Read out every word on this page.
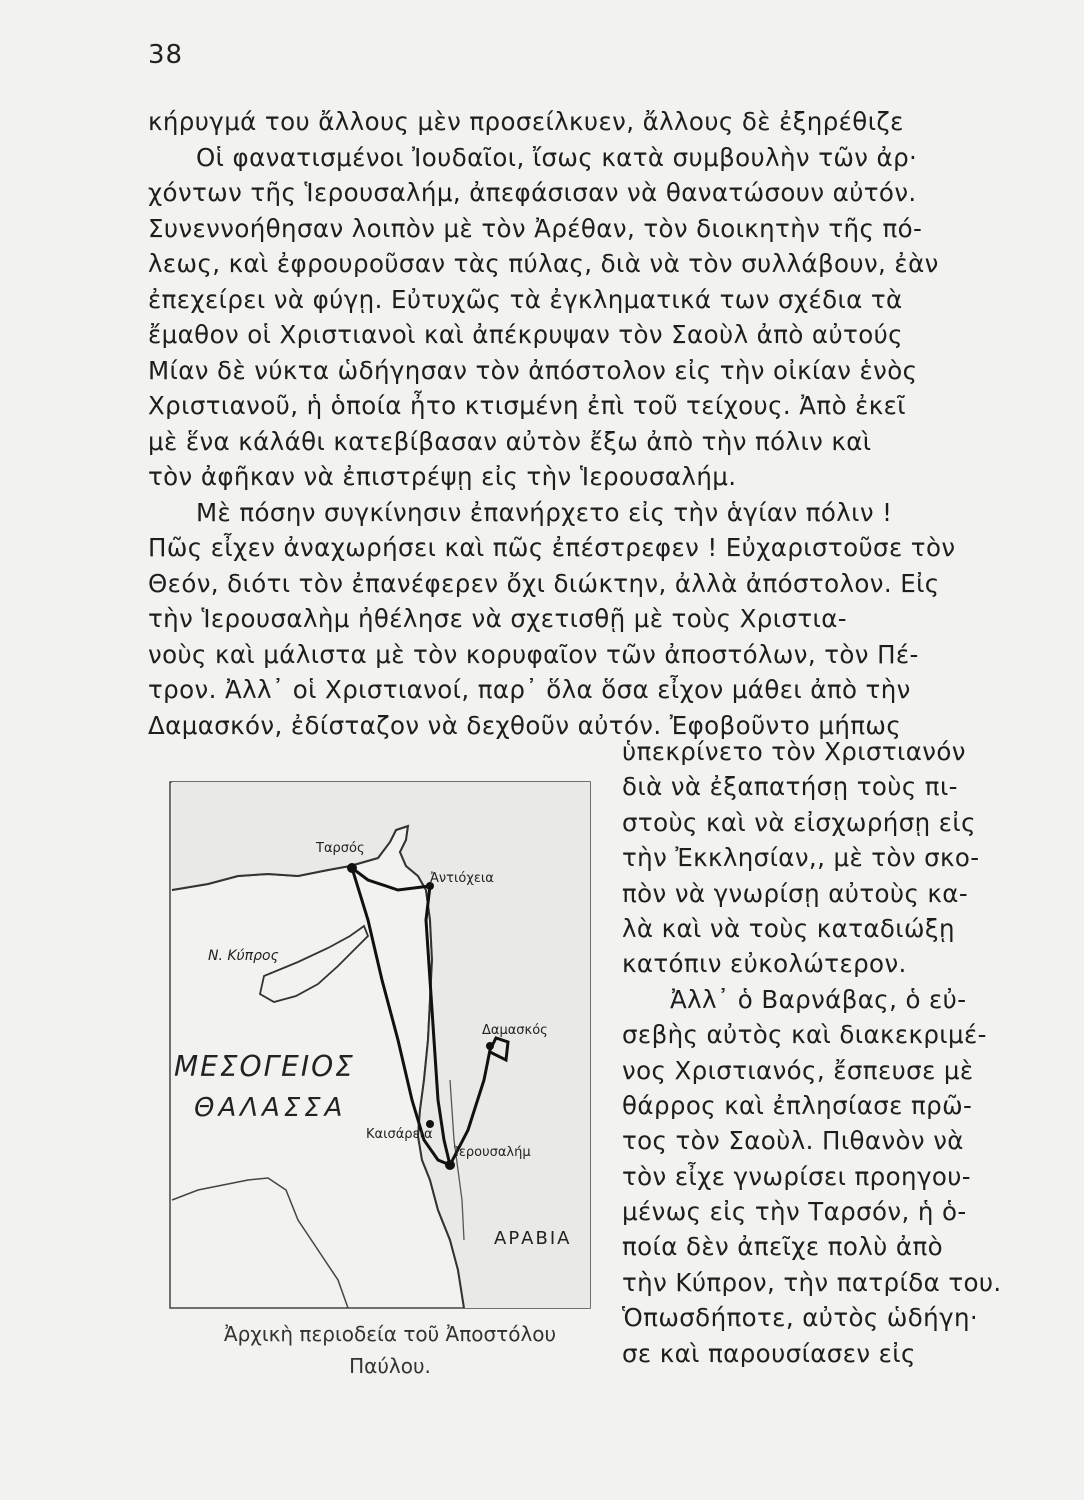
38
κήρυγμά του ἄλλους μὲν προσείλκυεν, ἄλλους δὲ ἐξηρέθιζε
Οἱ φανατισμένοι Ἰουδαῖοι, ἴσως κατὰ συμβουλὴν τῶν ἀρ·
χόντων τῆς Ἱερουσαλήμ, ἀπεφάσισαν νὰ θανατώσουν αὐτόν.
Συνεννοήθησαν λοιπὸν μὲ τὸν Ἀρέθαν, τὸν διοικητὴν τῆς πό-
λεως, καὶ ἐφρουροῦσαν τὰς πύλας, διὰ νὰ τὸν συλλάβουν, ἐὰν
ἐπεχείρει νὰ φύγῃ. Εὐτυχῶς τὰ ἐγκληματικά των σχέδια τὰ
ἔμαθον οἱ Χριστιανοὶ καὶ ἀπέκρυψαν τὸν Σαοὺλ ἀπὸ αὐτούς
Μίαν δὲ νύκτα ὡδήγησαν τὸν ἀπόστολον εἰς τὴν οἰκίαν ἑνὸς
Χριστιανοῦ, ἡ ὁποία ἦτο κτισμένη ἐπὶ τοῦ τείχους. Ἀπὸ ἐκεῖ
μὲ ἕνα κάλάθι κατεβίβασαν αὐτὸν ἔξω ἀπὸ τὴν πόλιν καὶ
τὸν ἀφῆκαν νὰ ἐπιστρέψῃ εἰς τὴν Ἱερουσαλήμ.
Μὲ πόσην συγκίνησιν ἐπανήρχετο εἰς τὴν ἁγίαν πόλιν !
Πῶς εἶχεν ἀναχωρήσει καὶ πῶς ἐπέστρεφεν ! Εὐχαριστοῦσε τὸν
Θεόν, διότι τὸν ἐπανέφερεν ὄχι διώκτην, ἀλλὰ ἀπόστολον. Εἰς
τὴν Ἱερουσαλὴμ ἠθέλησε νὰ σχετισθῇ μὲ τοὺς Χριστια-
νοὺς καὶ μάλιστα μὲ τὸν κορυφαῖον τῶν ἀποστόλων, τὸν Πέ-
τρον. Ἀλλ᾽ οἱ Χριστιανοί, παρ᾽ ὅλα ὅσα εἶχον μάθει ἀπὸ τὴν
Δαμασκόν, ἐδίσταζον νὰ δεχθοῦν αὐτόν. Ἐφοβοῦντο μήπως
ὑπεκρίνετο τὸν Χριστιανόν
διὰ νὰ ἐξαπατήσῃ τοὺς πι-
στοὺς καὶ νὰ εἰσχωρήσῃ εἰς
τὴν Ἐκκλησίαν,, μὲ τὸν σκο-
πὸν νὰ γνωρίσῃ αὐτοὺς κα-
λὰ καὶ νὰ τοὺς καταδιώξῃ
κατόπιν εὐκολώτερον.
Ἀλλ᾽ ὁ Βαρνάβας, ὁ εὐ-
σεβὴς αὐτὸς καὶ διακεκριμέ-
νος Χριστιανός, ἔσπευσε μὲ
θάρρος καὶ ἐπλησίασε πρῶ-
τος τὸν Σαοὺλ. Πιθανὸν νὰ
τὸν εἶχε γνωρίσει προηγου-
μένως εἰς τὴν Ταρσόν, ἡ ὁ-
ποία δὲν ἀπεῖχε πολὺ ἀπὸ
τὴν Κύπρον, τὴν πατρίδα του.
Ὁπωσδήποτε, αὐτὸς ὡδήγη·
σε καὶ παρουσίασεν εἰς
Ταρσός
Ἀντιόχεια
Ν. Κύπρος
Δαμασκός
ΜΕΣΟΓΕΙΟΣ
ΘΑΛΑΣΣΑ
Καισάρεια
Ἱερουσαλήμ
ΑΡΑΒΙΑ
Ἀρχικὴ περιοδεία τοῦ Ἀποστόλου
Παύλου.
